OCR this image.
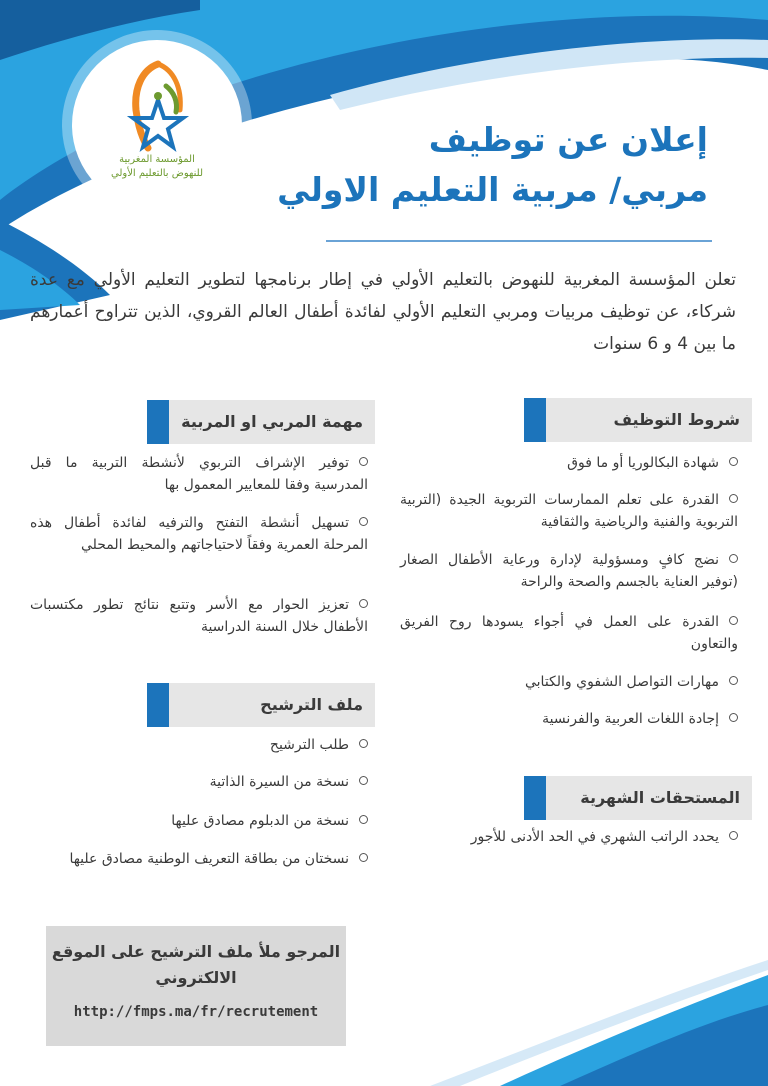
المؤسسة المغربية
للنهوض بالتعليم الأولي
إعلان عن توظيف
مربي/ مربية التعليم الاولي
تعلن المؤسسة المغربية للنهوض بالتعليم الأولي في إطار برنامجها لتطوير التعليم الأولي مع عدة شركاء، عن توظيف مربيات ومربي التعليم الأولي لفائدة أطفال العالم القروي، الذين تتراوح أعمارهم ما بين 4 و 6 سنوات
شروط التوظيف
شهادة البكالوريا أو ما فوق
القدرة على تعلم الممارسات التربوية الجيدة (التربية التربوية والفنية والرياضية والثقافية
نضج كافٍ ومسؤولية لإدارة ورعاية الأطفال الصغار (توفير العناية بالجسم والصحة والراحة
القدرة على العمل في أجواء يسودها روح الفريق والتعاون
مهارات التواصل الشفوي والكتابي
إجادة اللغات العربية والفرنسية
المستحقات الشهرية
يحدد الراتب الشهري في الحد الأدنى للأجور
مهمة المربي او المربية
توفير الإشراف التربوي لأنشطة التربية ما قبل المدرسية وفقا للمعايير المعمول بها
تسهيل أنشطة التفتح والترفيه لفائدة أطفال هذه المرحلة العمرية وفقاً لاحتياجاتهم والمحيط المحلي
تعزيز الحوار مع الأسر وتتبع نتائج تطور مكتسبات الأطفال خلال السنة الدراسية
ملف الترشيح
طلب الترشيح
نسخة من السيرة الذاتية
نسخة من الدبلوم مصادق عليها
نسختان من بطاقة التعريف الوطنية مصادق عليها
المرجو ملأ ملف الترشيح على الموقع
الالكتروني
http://fmps.ma/fr/recrutement
